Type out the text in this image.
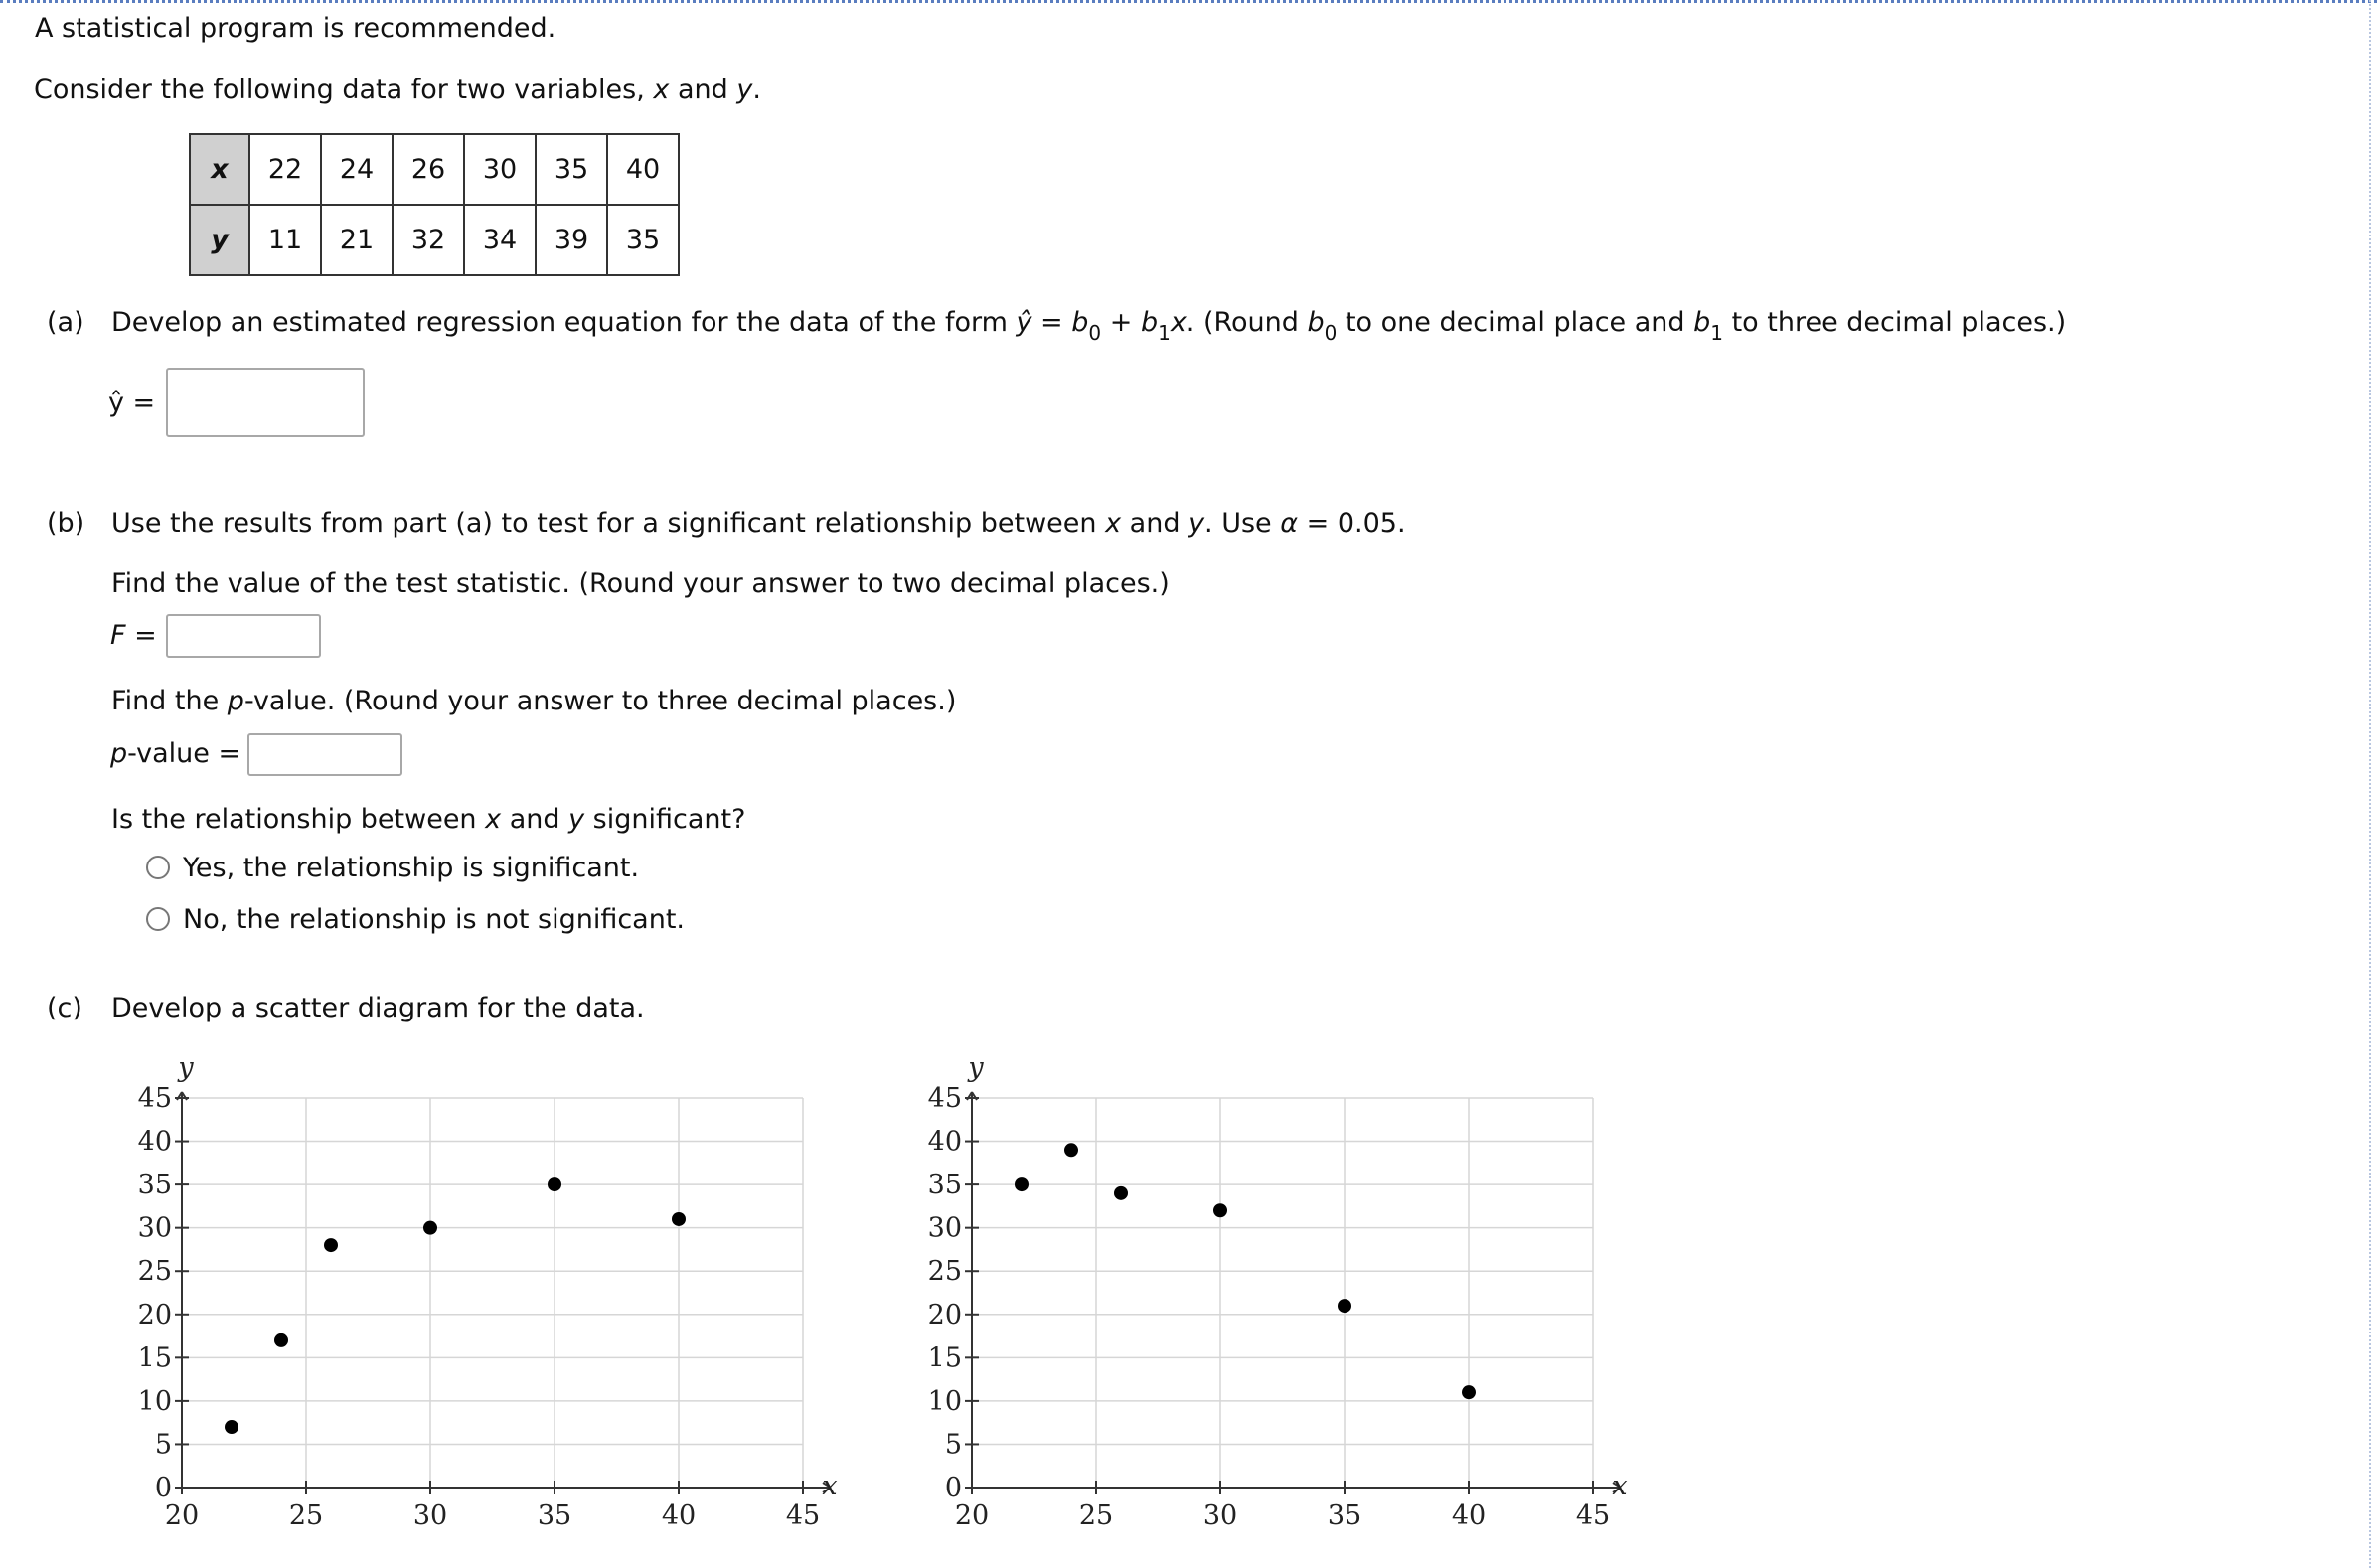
A statistical program is recommended.
Consider the following data for two variables, x and y.
x	22	24	26	30	35	40
y	11	21	32	34	39	35
(a) Develop an estimated regression equation for the data of the form ŷ = $b_0 + b_1x$. (Round $b_0$ to one decimal place and $b_1$ to three decimal places.)
ŷ =
(b) Use the results from part (a) to test for a significant relationship between x and y. Use α = 0.05.
Find the value of the test statistic. (Round your answer to two decimal places.)
F =
Find the p-value. (Round your answer to three decimal places.)
p-value =
Is the relationship between x and y significant?
Yes, the relationship is significant.
No, the relationship is not significant.
(c) Develop a scatter diagram for the data.
0
5
10
15
20
25
30
35
40
45
20	25	30	35	40	45
y
x	0
5
10
15
20
25
30
35
40
45
20	25	30	35	40	45
y
x
